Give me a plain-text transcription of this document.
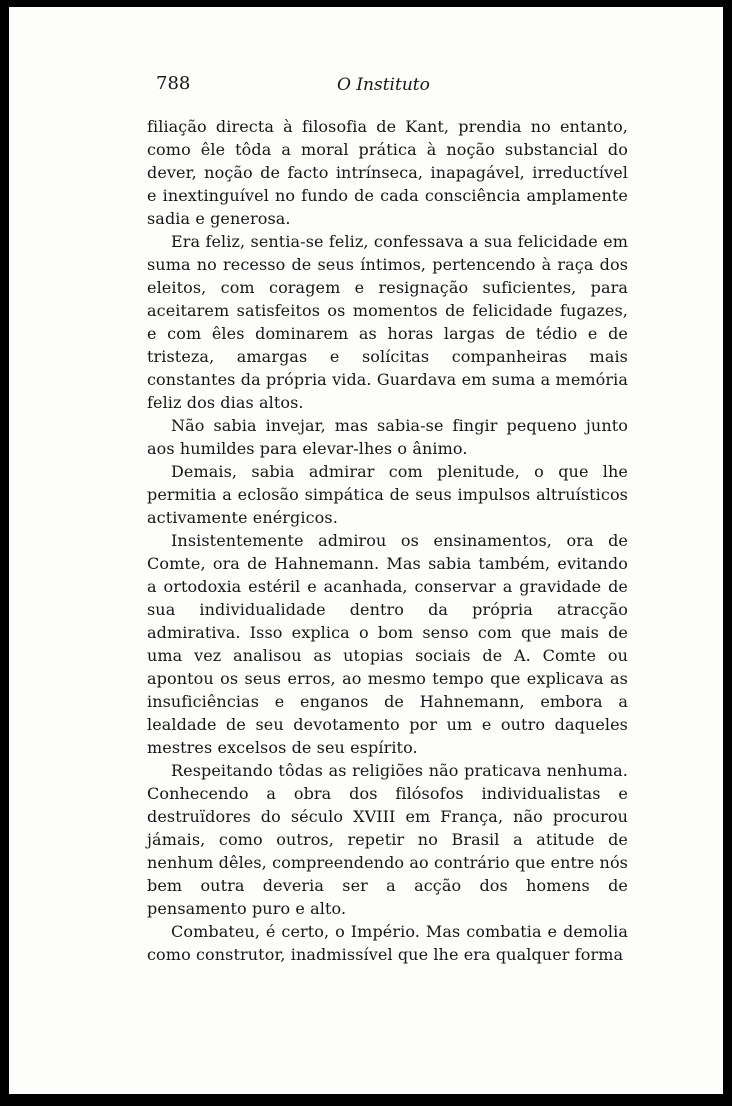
788	O Instituto

filiação directa à filosofia de Kant, prendia no entanto, como êle tôda a moral prática à noção substancial do dever, noção de facto intrínseca, inapagável, irreductível e inextinguível no fundo de cada consciência amplamente sadia e generosa.

Era feliz, sentia-se feliz, confessava a sua felicidade em suma no recesso de seus íntimos, pertencendo à raça dos eleitos, com coragem e resignação suficientes, para aceitarem satisfeitos os momentos de felicidade fugazes, e com êles dominarem as horas largas de tédio e de tristeza, amargas e solícitas companheiras mais constantes da própria vida. Guardava em suma a memória feliz dos dias altos.

Não sabia invejar, mas sabia-se fingir pequeno junto aos humildes para elevar-lhes o ânimo.

Demais, sabia admirar com plenitude, o que lhe permitia a eclosão simpática de seus impulsos altruísticos activamente enérgicos.

Insistentemente admirou os ensinamentos, ora de Comte, ora de Hahnemann. Mas sabia também, evitando a ortodoxia estéril e acanhada, conservar a gravidade de sua individualidade dentro da própria atracção admirativa. Isso explica o bom senso com que mais de uma vez analisou as utopias sociais de A. Comte ou apontou os seus erros, ao mesmo tempo que explicava as insuficiências e enganos de Hahnemann, embora a lealdade de seu devotamento por um e outro daqueles mestres excelsos de seu espírito.

Respeitando tôdas as religiões não praticava nenhuma. Conhecendo a obra dos filósofos individualistas e destruïdores do século XVIII em França, não procurou jámais, como outros, repetir no Brasil a atitude de nenhum dêles, compreendendo ao contrário que entre nós bem outra deveria ser a acção dos homens de pensamento puro e alto.

Combateu, é certo, o Império. Mas combatia e demolia como construtor, inadmissível que lhe era qualquer forma
